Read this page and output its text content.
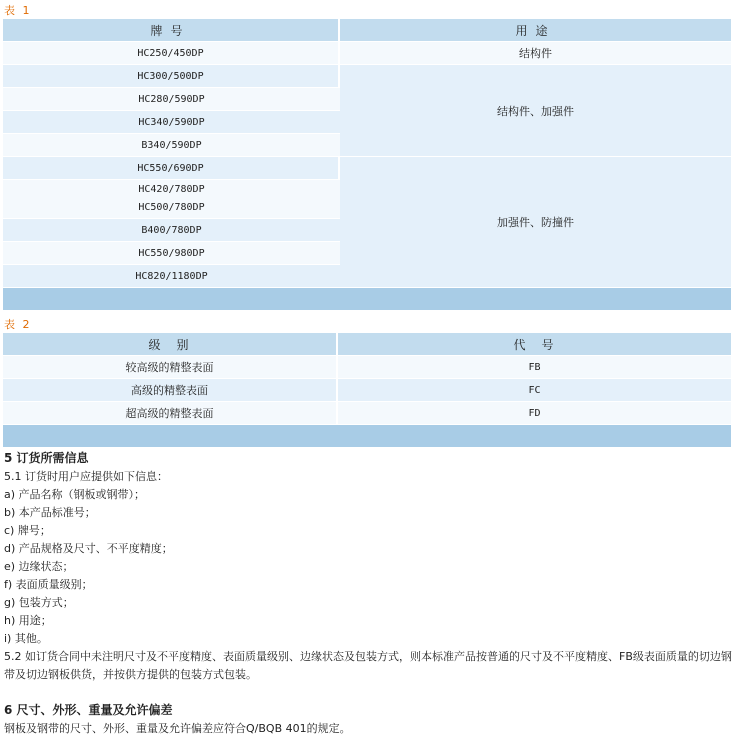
表 1
牌号	用途
HC250/450DP	结构件
HC300/500DP	结构件、加强件
HC280/590DP	
HC340/590DP	
B340/590DP	
HC550/690DP	加强件、防撞件

HC420/780DP
HC500/780DP	

B400/780DP	
HC550/980DP	
HC820/1180DP	

表 2
级　别	代　号
较高级的精整表面	FB
高级的精整表面	FC
超高级的精整表面	FD

5 订货所需信息

5.1 订货时用户应提供如下信息：

a) 产品名称（钢板或钢带）；

b) 本产品标准号；

c) 牌号；

d) 产品规格及尺寸、不平度精度；

e) 边缘状态；

f) 表面质量级别；

g) 包装方式；

h) 用途；

i) 其他。

5.2 如订货合同中未注明尺寸及不平度精度、表面质量级别、边缘状态及包装方式，则本标准产品按普通的尺寸及不平度精度、FB级表面质量的切边钢带及切边钢板供货，并按供方提供的包装方式包装。

6 尺寸、外形、重量及允许偏差

钢板及钢带的尺寸、外形、重量及允许偏差应符合Q/BQB 401的规定。
